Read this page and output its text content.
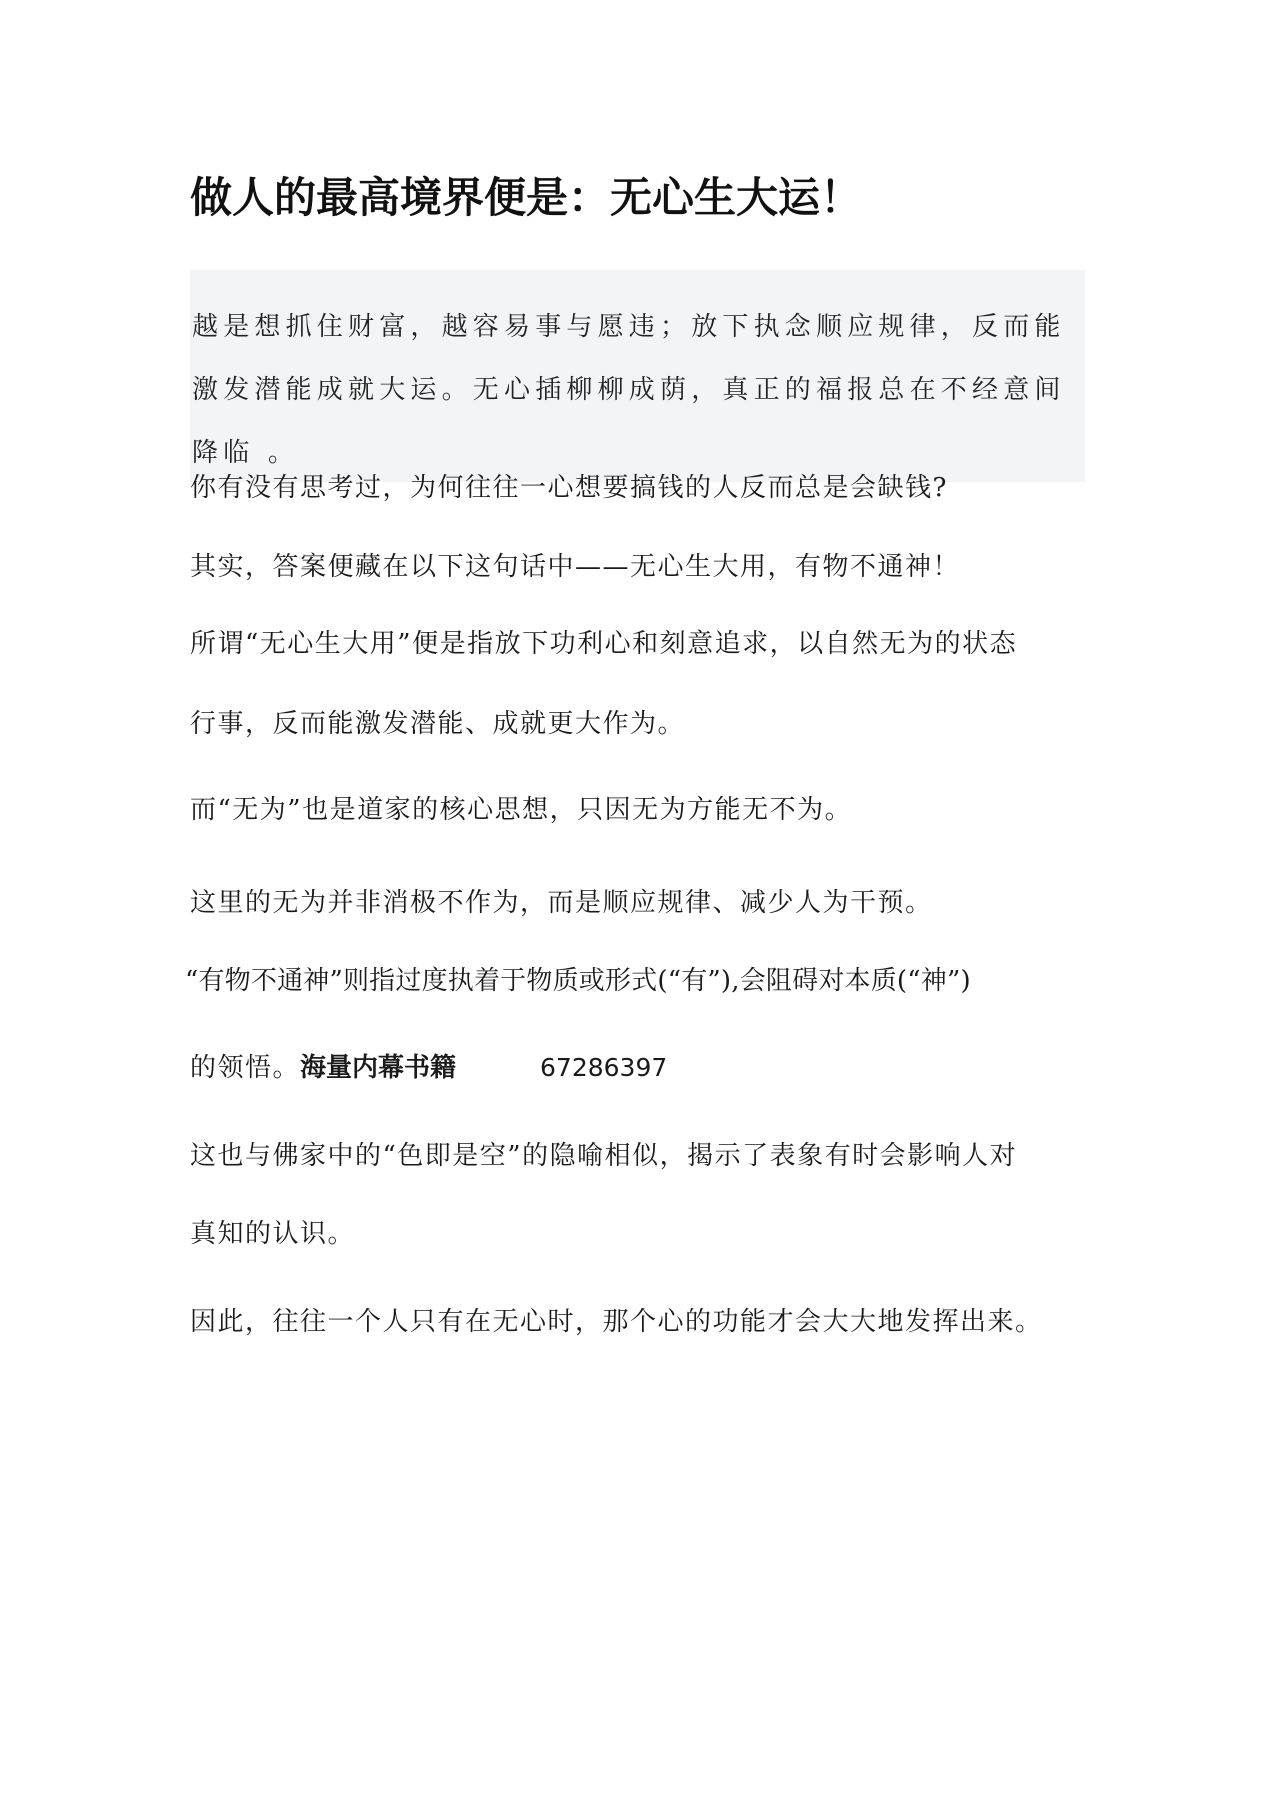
做人的最高境界便是：无心生大运！

越是想抓住财富，越容易事与愿违；放下执念顺应规律，反而能激发潜能成就大运。无心插柳柳成荫，真正的福报总在不经意间降临 。

你有没有思考过，为何往往一心想要搞钱的人反而总是会缺钱?

其实，答案便藏在以下这句话中——无心生大用，有物不通神！

所谓“无心生大用”便是指放下功利心和刻意追求，以自然无为的状态

行事，反而能激发潜能、成就更大作为。

而“无为”也是道家的核心思想，只因无为方能无不为。

这里的无为并非消极不作为，而是顺应规律、减少人为干预。

“有物不通神”则指过度执着于物质或形式(“有”),会阻碍对本质(“神”)

的领悟。海量内幕书籍	67286397

这也与佛家中的“色即是空”的隐喻相似，揭示了表象有时会影响人对

真知的认识。

因此，往往一个人只有在无心时，那个心的功能才会大大地发挥出来。
